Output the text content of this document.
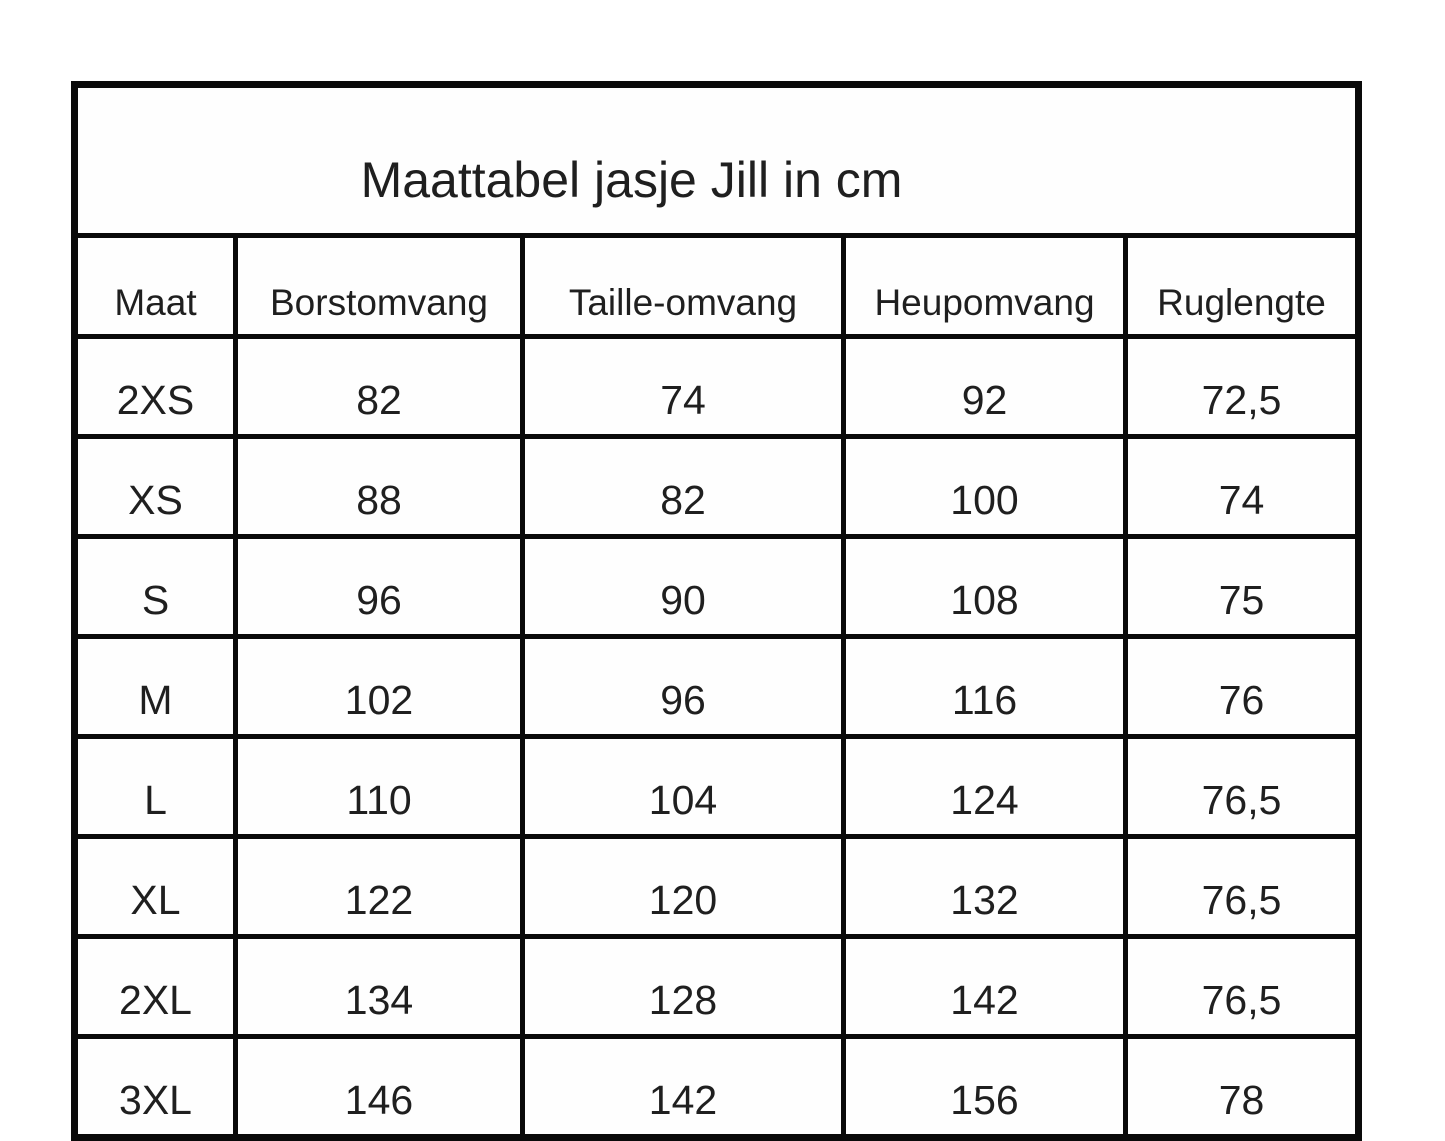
Maattabel jasje Jill in cm				
Maat	Borstomvang	Taille-omvang	Heupomvang	Ruglengte
2XS	82	74	92	72,5
XS	88	82	100	74
S	96	90	108	75
M	102	96	116	76
L	110	104	124	76,5
XL	122	120	132	76,5
2XL	134	128	142	76,5
3XL	146	142	156	78
